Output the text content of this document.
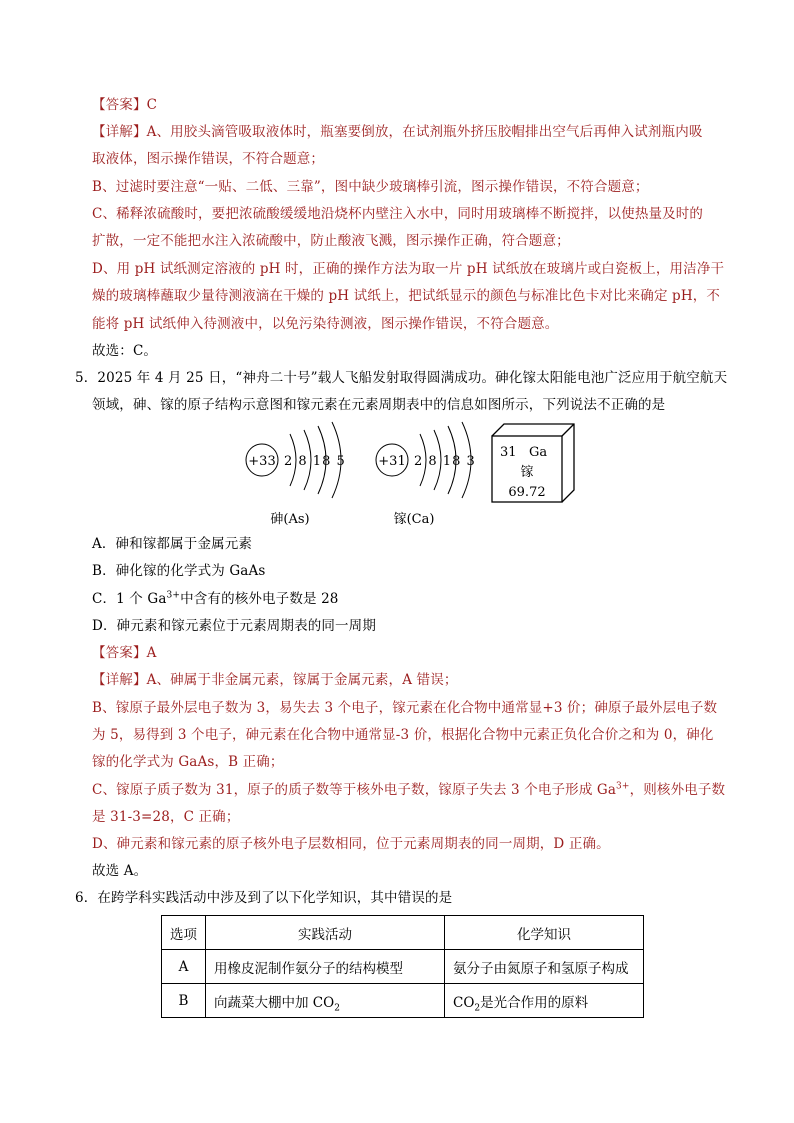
【答案】C
【详解】A、用胶头滴管吸取液体时，瓶塞要倒放，在试剂瓶外挤压胶帽排出空气后再伸入试剂瓶内吸
取液体，图示操作错误，不符合题意；
B、过滤时要注意“一贴、二低、三靠”，图中缺少玻璃棒引流，图示操作错误，不符合题意；
C、稀释浓硫酸时，要把浓硫酸缓缓地沿烧杯内壁注入水中，同时用玻璃棒不断搅拌，以使热量及时的
扩散，一定不能把水注入浓硫酸中，防止酸液飞溅，图示操作正确，符合题意；
D、用 pH 试纸测定溶液的 pH 时，正确的操作方法为取一片 pH 试纸放在玻璃片或白瓷板上，用洁净干
燥的玻璃棒蘸取少量待测液滴在干燥的 pH 试纸上，把试纸显示的颜色与标准比色卡对比来确定 pH，不
能将 pH 试纸伸入待测液中，以免污染待测液，图示操作错误，不符合题意。
故选：C。
5．2025 年 4 月 25 日，“神舟二十号”载人飞船发射取得圆满成功。砷化镓太阳能电池广泛应用于航空航天
领域，砷、镓的原子结构示意图和镓元素在元素周期表中的信息如图所示，下列说法不正确的是
+33 2 8 18 5
砷(As)
+31 2 8 18 3
镓(Ca)
31 Ga
镓
69.72
A．砷和镓都属于金属元素
B．砷化镓的化学式为 GaAs
C．1 个 $Ga^{3+}$中含有的核外电子数是 28
D．砷元素和镓元素位于元素周期表的同一周期
【答案】A
【详解】A、砷属于非金属元素，镓属于金属元素，A 错误；
B、镓原子最外层电子数为 3，易失去 3 个电子，镓元素在化合物中通常显+3 价；砷原子最外层电子数
为 5，易得到 3 个电子，砷元素在化合物中通常显-3 价，根据化合物中元素正负化合价之和为 0，砷化
镓的化学式为 GaAs，B 正确；
C、镓原子质子数为 31，原子的质子数等于核外电子数，镓原子失去 3 个电子形成 $Ga^{3+}$，则核外电子数
是 31-3=28，C 正确；
D、砷元素和镓元素的原子核外电子层数相同，位于元素周期表的同一周期，D 正确。
故选 A。
6．在跨学科实践活动中涉及到了以下化学知识，其中错误的是
选项	实践活动	化学知识
A	用橡皮泥制作氨分子的结构模型	氨分子由氮原子和氢原子构成
B	向蔬菜大棚中加 $CO_2$	$CO_2$是光合作用的原料
